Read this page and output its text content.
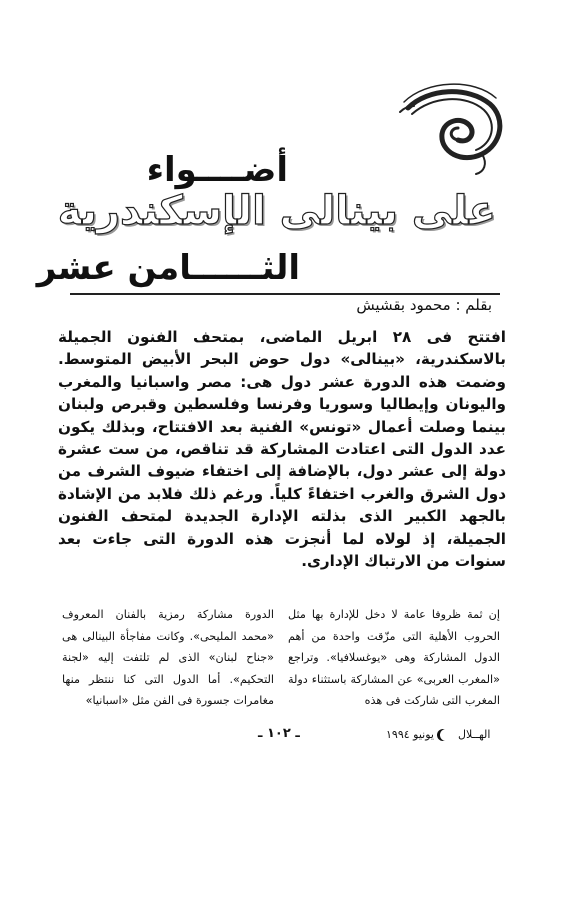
أضــــواء
على بينالى الإسكندرية
الثــــــامن عشر
بقلم : محمود بقشيش

افتتح فى ٢٨ ابريل الماضى، بمتحف الفنون الجميلة بالاسكندرية، «بينالى» دول حوض البحر الأبيض المتوسط. وضمت هذه الدورة عشر دول هى: مصر واسبانيا والمغرب واليونان وإيطاليا وسوريا وفرنسا وفلسطين وقبرص ولبنان بينما وصلت أعمال «تونس» الفنية بعد الافتتاح، وبذلك يكون عدد الدول التى اعتادت المشاركة قد تناقص، من ست عشرة دولة إلى عشر دول، بالإضافة إلى اختفاء ضيوف الشرف من دول الشرق والغرب اختفاءً كلياً. ورغم ذلك فلابد من الإشادة بالجهد الكبير الذى بذلته الإدارة الجديدة لمتحف الفنون الجميلة، إذ لولاه لما أنجزت هذه الدورة التى جاءت بعد سنوات من الارتباك الإدارى.

إن ثمة ظروفا عامة لا دخل للإدارة بها مثل الحروب الأهلية التى مزّقت واحدة من أهم الدول المشاركة وهى «يوغسلافيا». وتراجع «المغرب العربى» عن المشاركة باستثناء دولة المغرب التى شاركت فى هذه

الدورة مشاركة رمزية بالفنان المعروف «محمد المليحى». وكانت مفاجأة البينالى هى «جناح لبنان» الذى لم تلتفت إليه «لجنة التحكيم». أما الدول التى كنا ننتظر منها مغامرات جسورة فى الفن مثل «اسبانيا»

الهــلاليونيو ١٩٩٤
ـ ١٠٢ ـ
